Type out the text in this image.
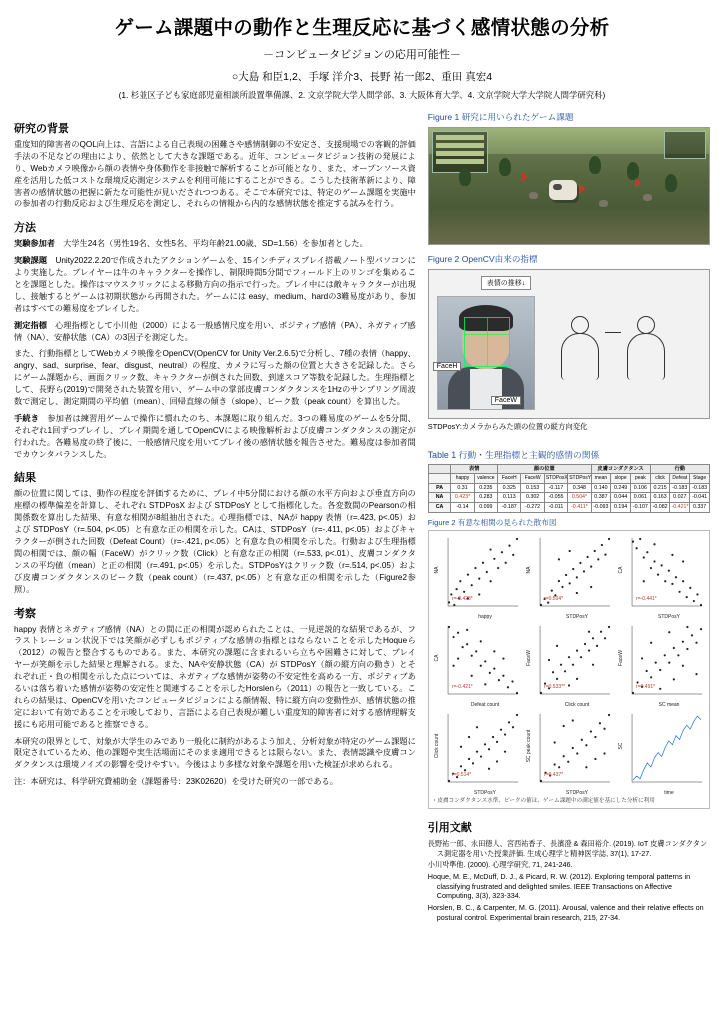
ゲーム課題中の動作と生理反応に基づく感情状態の分析
－コンピュータビジョンの応用可能性－
○大島 和臣1,2、手塚 洋介3、長野 祐一郎2、重田 真宏4
(1. 杉並区子ども家庭部児童相談所設置準備課、2. 文京学院大学人間学部、3. 大阪体育大学、4. 文京学院大学大学院人間学研究科)
研究の背景

重度知的障害者のQOL向上は、言語による自己表現の困難さや感情制御の不安定さ、支援現場での客観的評価手法の不足などの理由により、依然として大きな課題である。近年、コンピュータビジョン技術の発展により、Webカメラ映像から顔の表情や身体動作を非接触で解析することが可能となり、また、オープンソース資産を活用した低コストな環境反応測定システムを利用可能にすることができる。こうした技術革新により、障害者の感情状態の把握に新たな可能性が見いだされつつある。そこで本研究では、特定のゲーム課題を実施中の参加者の行動反応および生理反応を測定し、それらの情報から内的な感情状態を推定する試みを行う。

方法

実験参加者　 大学生24名（男性19名、女性5名、平均年齢21.00歳、SD=1.56）を参加者とした。

実験課題　 Unity2022.2.20で作成されたアクションゲームを、15インチディスプレイ搭載ノート型パソコンにより実施した。プレイヤーは牛のキャラクターを操作し、制限時間5分間でフィールド上のリンゴを集めることを課題とした。操作はマウスクリックによる移動方向の指示で行った。プレイ中には敵キャラクターが出現し、接触するとゲームは初期状態から再開された。ゲームには easy、medium、hardの3難易度があり、参加者はすべての難易度をプレイした。

測定指標　 心理指標として小川他（2000）による一般感情尺度を用い、ポジティブ感情（PA）、ネガティブ感情（NA）、安静状態（CA）の3因子を測定した。

また、行動指標としてWebカメラ映像をOpenCV(OpenCV for Unity Ver.2.6.5)で分析し、7種の表情（happy、angry、sad、surprise、fear、disgust、neutral）の程度、カメラに写った顔の位置と大きさを記録した。さらにゲーム課題から、画面クリック数、キャラクターが倒された回数、到達スコア等数を記録した。生理指標として、長野ら(2019)で開発された装置を用い、ゲーム中の掌部皮膚コンダクタンスを1Hzのサンプリング周波数で測定し、測定期間の平均値（mean）、回帰直線の傾き（slope）、ピーク数（peak count）を算出した。

手続き　 参加者は練習用ゲームで操作に慣れたのち、本課題に取り組んだ。3つの難易度のゲームを5分間、それぞれ1回ずつプレイし、プレイ期間を通してOpenCVによる映像解析および皮膚コンダクタンスの測定が行われた。各難易度の終了後に、一般感情尺度を用いてプレイ後の感情状態を報告させた。難易度は参加者間でカウンタバランスした。

結果

顔の位置に関しては、動作の程度を評価するために、プレイ中5分間における顔の水平方向および垂直方向の座標の標準偏差を計算し、それぞれ STDPosX および STDPosY として指標化した。各変数間のPearsonの相関係数を算出した結果、有意な相関が8組抽出された。心理指標では、NAが happy 表情（r=.423, p<.05）および STDPosY（r=.504, p<.05）と有意な正の相関を示した。CAは、STDPosY（r=-.411, p<.05）およびキャラクターが倒された回数（Defeat Count）（r=-.421, p<.05）と有意な負の相関を示した。行動および生理指標間の相関では、顔の幅（FaceW）がクリック数（Click）と有意な正の相関（r=.533, p<.01）、皮膚コンダクタンスの平均値（mean）と正の相関（r=.491, p<.05）を示した。STDPosYはクリック数（r=.514, p<.05）および皮膚コンダクタンスのピーク数（peak count）（r=.437, p<.05）と有意な正の相関を示した（Figure2参照）。

考察

happy 表情とネガティブ感情（NA）との間に正の相関が認められたことは、一見逆説的な結果であるが、フラストレーション状況下では笑顔が必ずしもポジティブな感情の指標とはならないことを示したHoqueら（2012）の報告と整合するものである。また、本研究の課題に含まれるいら立ちや困難さに対して、プレイヤーが笑顔を示した結果と理解される。また、NAや安静状態（CA）が STDPosY（顔の縦方向の動き）とそれぞれ正・負の相関を示した点については、ネガティブな感情が姿勢の不安定性を高める一方、ポジティブあるいは落ち着いた感情が姿勢の安定性と関連することを示したHorslenら（2011）の報告と一致している。これらの結果は、OpenCVを用いたコンピュータビジョンによる顔情報、特に縦方向の変動性が、感情状態の推定において有効であることを示唆しており、言語による自己表現が難しい重度知的障害者に対する感情理解支援にも応用可能であると推察できる。

本研究の限界として、対象が大学生のみであり一般化に制約があるよう加え、分析対象が特定のゲーム課題に限定されているため、他の課題や実生活場面にそのまま適用できるとは限らない。また、表情認識や皮膚コンダクタンスは環境ノイズの影響を受けやすい。今後はより多様な対象や課題を用いた検証が求められる。

注：本研究は、科学研究費補助金（課題番号：23K02620）を受けた研究の一部である。

Figure 1 研究に用いられたゲーム課題
Figure 2 OpenCV由来の指標
表情の推移↓
FaceH
FaceW
STDPosY:カメラからみた頭の位置の縦方向変化
Table 1 行動・生理指標と主観的感情の関係
	表情		顔の位置				皮膚コンダクタンス			行動		
	happy	valence	FaceH	FaceW	STDPosX	STDPosY	mean	slope	peak	click	Defeat	Stage
PA	0.31	0.235	0.325	0.153	-0.117	0.348	0.140	0.249	0.106	0.215	-0.183	-0.183
NA	0.423*	0.283	0.113	0.302	-0.055	0.504*	0.387	0.044	0.061	0.163	0.027	-0.041
CA	-0.14	0.099	-0.187	-0.272	-0.011	-0.411*	-0.093	0.194	-0.107	-0.082	-0.421*	0.337
Figure 2 有意な相関の見られた散布図
r=-0.423*
happy
NA
r=0.504*
STDPosY
NA
r=-0.441*
STDPosY
CA
r=-0.421*
Defeat count
CA
r=0.533**
Click count
FaceW
r=0.491*
SC mean
FaceW
r=0.514*
STDPosY
Click count
r=0.437*
STDPosY
SC peak count
time
SC
・皮膚コンダクタンス水準、ピークの値は、ゲーム課題中の測定値を基にした分析に利用
引用文献
長野祐一郎、永田徳人、宮西祐香子、長濱澄 & 森田裕介. (2019). IoT 皮膚コンダクタンス測定器を用いた授業評価. 生成心理学と精神医学誌, 37(1), 17-27.
小川박準他. (2000). 心理学研究, 71, 241-246.
Hoque, M. E., McDuff, D. J., & Picard, R. W. (2012). Exploring temporal patterns in classifying frustrated and delighted smiles. IEEE Transactions on Affective Computing, 3(3), 323-334.
Horslen, B. C., & Carpenter, M. G. (2011). Arousal, valence and their relative effects on postural control. Experimental brain research, 215, 27-34.
